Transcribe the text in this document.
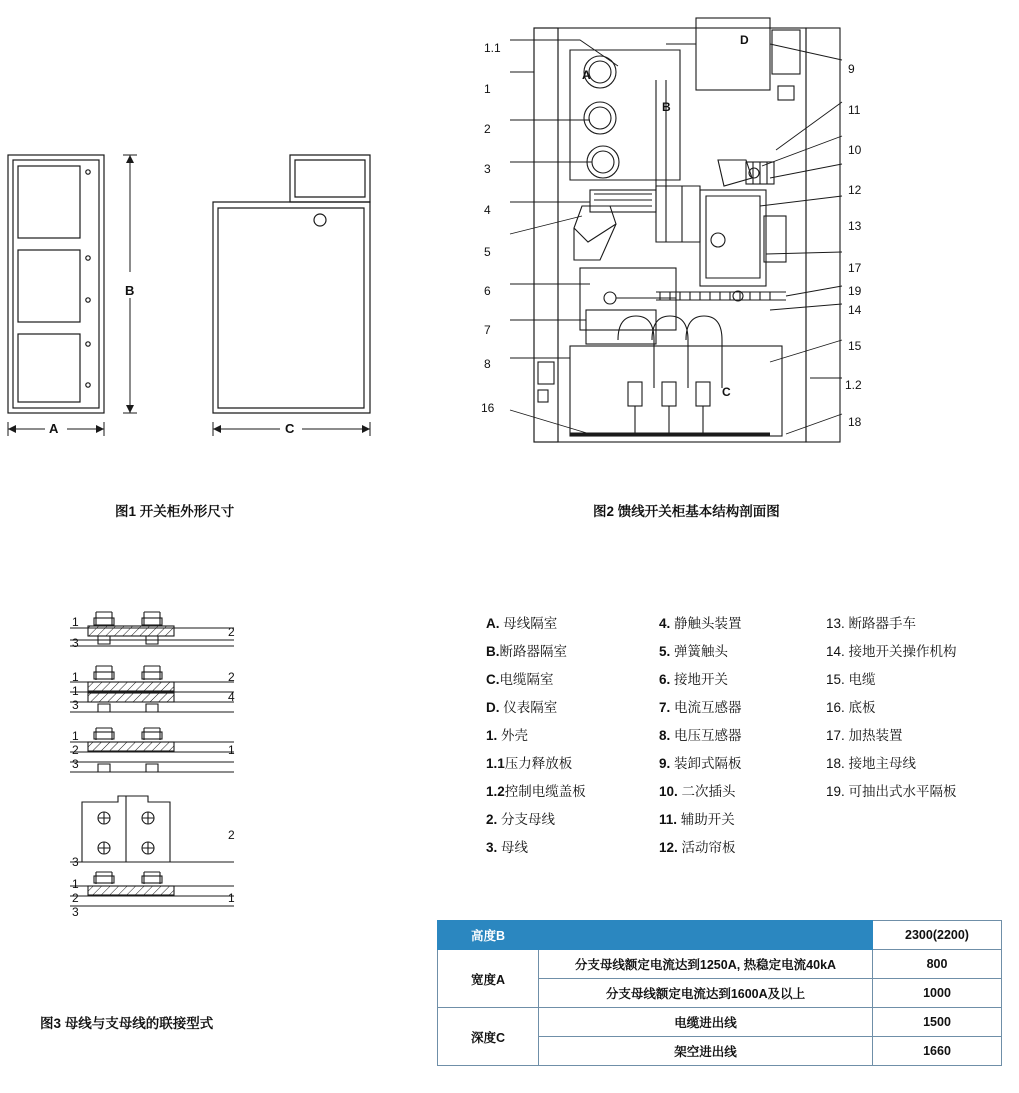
B
A	C
图1 开关柜外形尺寸
1.1
1
2
3
4
5
6
7
8
16
9
11
10
12
13
17
19
14
15
1.2
18
A
B
C
D
图2 馈线开关柜基本结构剖面图
1
3
2
1
1
3
2
4
1
2
3
1
3
2
1
2
3
1
图3 母线与支母线的联接型式
A. 母线隔室
B.断路器隔室
C.电缆隔室
D. 仪表隔室
1. 外壳
1.1压力释放板
1.2控制电缆盖板
2. 分支母线
3. 母线
4. 静触头装置
5. 弹簧触头
6. 接地开关
7. 电流互感器
8. 电压互感器
9. 装卸式隔板
10. 二次插头
11. 辅助开关
12. 活动帘板
13. 断路器手车
14. 接地开关操作机构
15. 电缆
16. 底板
17. 加热装置
18. 接地主母线
19. 可抽出式水平隔板
高度B		2300(2200)
宽度A	分支母线额定电流达到1250A, 热稳定电流40kA	800
	分支母线额定电流达到1600A及以上	1000
深度C	电缆进出线	1500
	架空进出线	1660
